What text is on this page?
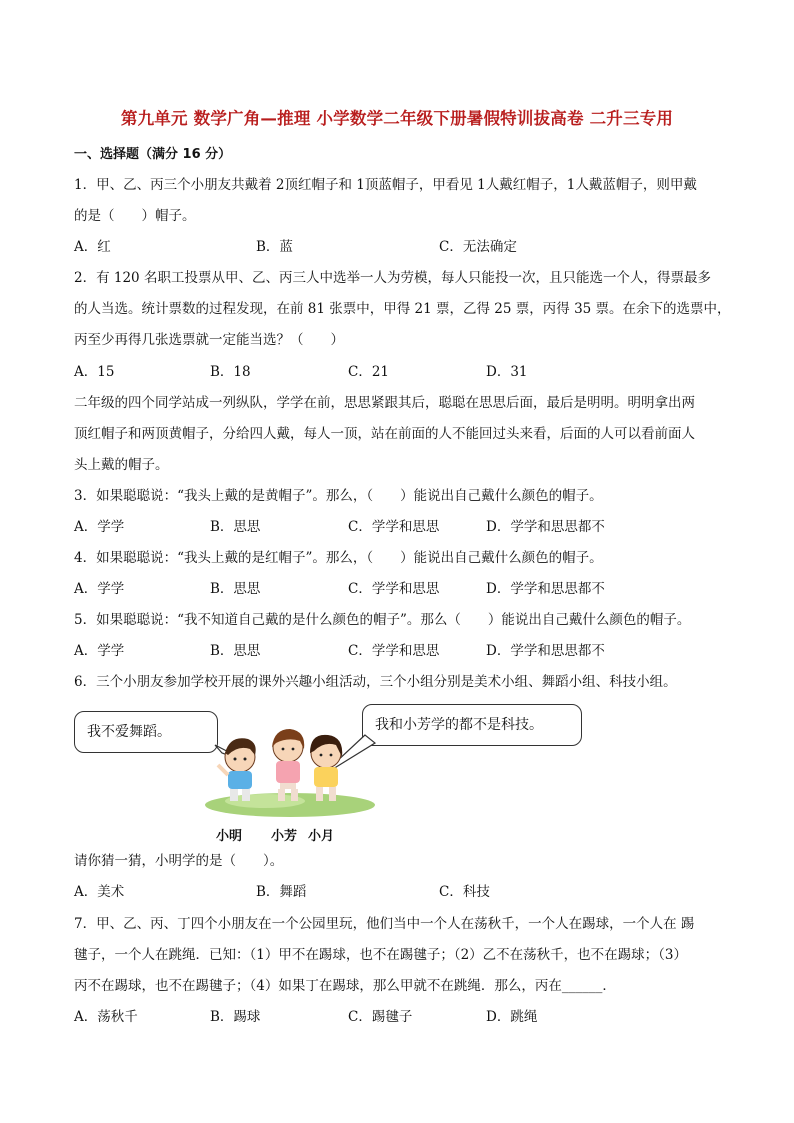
第九单元 数学广角—推理 小学数学二年级下册暑假特训拔高卷 二升三专用
一、选择题（满分 16 分）
1．甲、乙、丙三个小朋友共戴着 2顶红帽子和 1顶蓝帽子，甲看见 1人戴红帽子，1人戴蓝帽子，则甲戴
的是（　　）帽子。
A．红	B．蓝	C．无法确定
2．有 120 名职工投票从甲、乙、丙三人中选举一人为劳模，每人只能投一次，且只能选一个人，得票最多
的人当选。统计票数的过程发现，在前 81 张票中，甲得 21 票，乙得 25 票，丙得 35 票。在余下的选票中，
丙至少再得几张选票就一定能当选？（　　）
A．15	B．18	C．21	D．31
二年级的四个同学站成一列纵队，学学在前，思思紧跟其后，聪聪在思思后面，最后是明明。明明拿出两
顶红帽子和两顶黄帽子，分给四人戴，每人一顶，站在前面的人不能回过头来看，后面的人可以看前面人
头上戴的帽子。
3．如果聪聪说：“我头上戴的是黄帽子”。那么，（　　）能说出自己戴什么颜色的帽子。
A．学学	B．思思	C．学学和思思	D．学学和思思都不
4．如果聪聪说：“我头上戴的是红帽子”。那么，（　　）能说出自己戴什么颜色的帽子。
A．学学	B．思思	C．学学和思思	D．学学和思思都不
5．如果聪聪说：“我不知道自己戴的是什么颜色的帽子”。那么（　　）能说出自己戴什么颜色的帽子。
A．学学	B．思思	C．学学和思思	D．学学和思思都不
6．三个小朋友参加学校开展的课外兴趣小组活动，三个小组分别是美术小组、舞蹈小组、科技小组。
我不爱舞蹈。	我和小芳学的都不是科技。
小明 小芳 小月
请你猜一猜，小明学的是（　　）。
A．美术	B．舞蹈	C．科技
7．甲、乙、丙、丁四个小朋友在一个公园里玩，他们当中一个人在荡秋千，一个人在踢球，一个人在 踢
毽子，一个人在跳绳．已知：（1）甲不在踢球，也不在踢毽子；（2）乙不在荡秋千，也不在踢球；（3）
丙不在踢球，也不在踢毽子；（4）如果丁在踢球，那么甲就不在跳绳．那么，丙在______．
A．荡秋千	B．踢球	C．踢毽子	D．跳绳
